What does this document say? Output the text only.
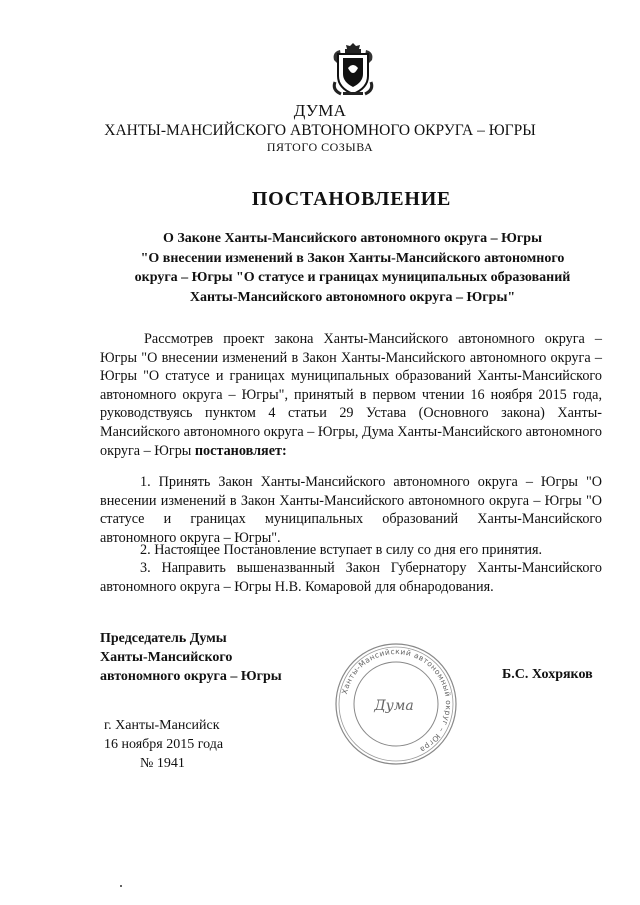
ДУМА
ХАНТЫ-МАНСИЙСКОГО АВТОНОМНОГО ОКРУГА – ЮГРЫ
ПЯТОГО СОЗЫВА
ПОСТАНОВЛЕНИЕ
О Законе Ханты-Мансийского автономного округа – Югры
"О внесении изменений в Закон Ханты-Мансийского автономного
округа – Югры "О статусе и границах муниципальных образований
Ханты-Мансийского автономного округа – Югры"
Рассмотрев проект закона Ханты-Мансийского автономного округа – Югры "О внесении изменений в Закон Ханты-Мансийского автономного округа – Югры "О статусе и границах муниципальных образований Ханты-Мансийского автономного округа – Югры", принятый в первом чтении 16 ноября 2015 года, руководствуясь пунктом 4 статьи 29 Устава (Основного закона) Ханты-Мансийского автономного округа – Югры, Дума Ханты-Мансийского автономного округа – Югры постановляет:
1. Принять Закон Ханты-Мансийского автономного округа – Югры "О внесении изменений в Закон Ханты-Мансийского автономного округа – Югры "О статусе и границах муниципальных образований Ханты-Мансийского автономного округа – Югры".
2. Настоящее Постановление вступает в силу со дня его принятия.
3. Направить вышеназванный Закон Губернатору Ханты-Мансийского автономного округа – Югры Н.В. Комаровой для обнародования.
Председатель Думы
Ханты-Мансийского
автономного округа – Югры
Ханты-Мансийский автономный округ – Югра
Дума
Б.С. Хохряков
г. Ханты-Мансийск
16 ноября 2015 года
№ 1941
